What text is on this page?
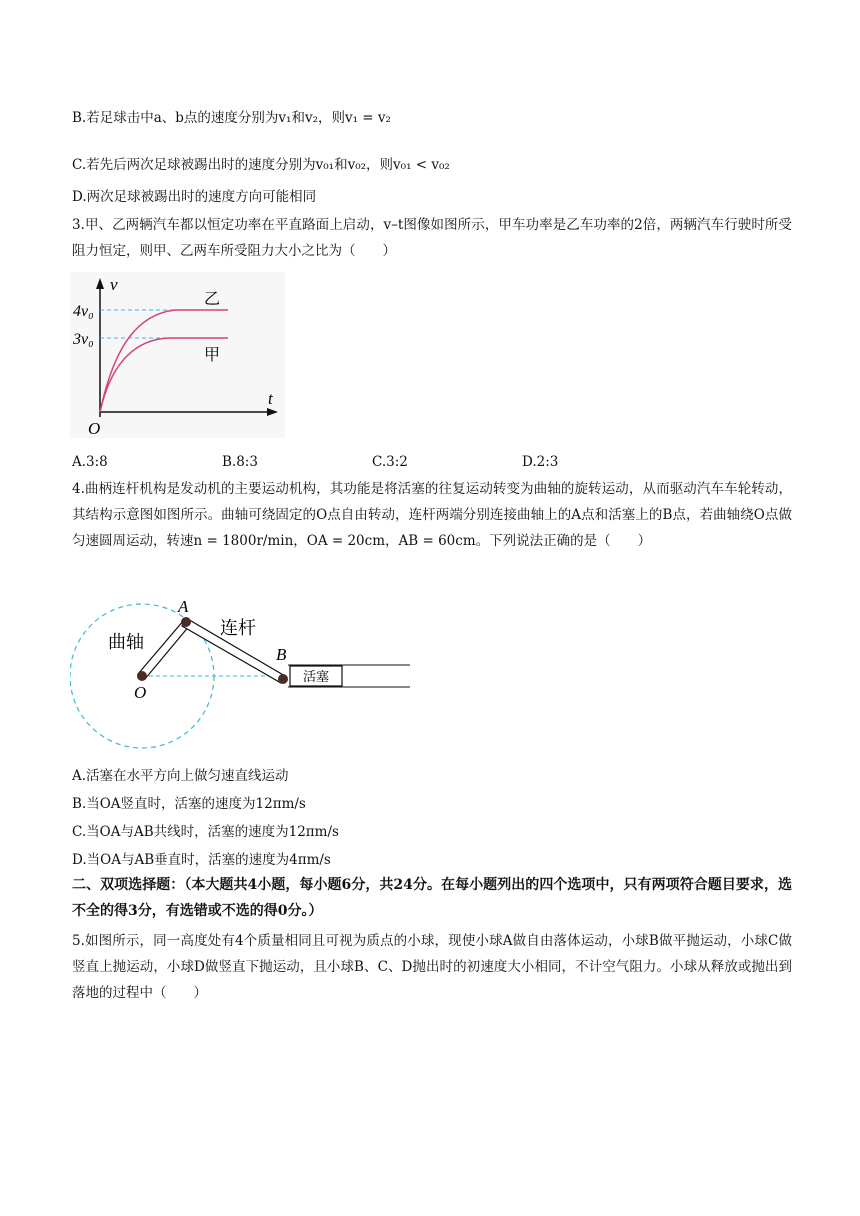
B.若足球击中a、b点的速度分别为v₁和v₂，则v₁ = v₂
C.若先后两次足球被踢出时的速度分别为v₀₁和v₀₂，则v₀₁ < v₀₂
D.两次足球被踢出时的速度方向可能相同
3.甲、乙两辆汽车都以恒定功率在平直路面上启动，v–t图像如图所示，甲车功率是乙车功率的2倍，两辆汽车行驶时所受阻力恒定，则甲、乙两车所受阻力大小之比为（　　）
v
t
O
4v₀
3v₀
乙
甲
A.3:8	B.8:3	C.3:2	D.2:3
4.曲柄连杆机构是发动机的主要运动机构，其功能是将活塞的往复运动转变为曲轴的旋转运动，从而驱动汽车车轮转动，其结构示意图如图所示。曲轴可绕固定的O点自由转动，连杆两端分别连接曲轴上的A点和活塞上的B点，若曲轴绕O点做匀速圆周运动，转速n = 1800r/min，OA = 20cm，AB = 60cm。下列说法正确的是（　　）
活塞
曲轴
连杆
O
A
B
A.活塞在水平方向上做匀速直线运动
B.当OA竖直时，活塞的速度为12πm/s
C.当OA与AB共线时，活塞的速度为12πm/s
D.当OA与AB垂直时，活塞的速度为4πm/s
二、双项选择题：（本大题共4小题，每小题6分，共24分。在每小题列出的四个选项中，只有两项符合题目要求，选不全的得3分，有选错或不选的得0分。）
5.如图所示，同一高度处有4个质量相同且可视为质点的小球，现使小球A做自由落体运动，小球B做平抛运动，小球C做竖直上抛运动，小球D做竖直下抛运动，且小球B、C、D抛出时的初速度大小相同，不计空气阻力。小球从释放或抛出到落地的过程中（　　）
